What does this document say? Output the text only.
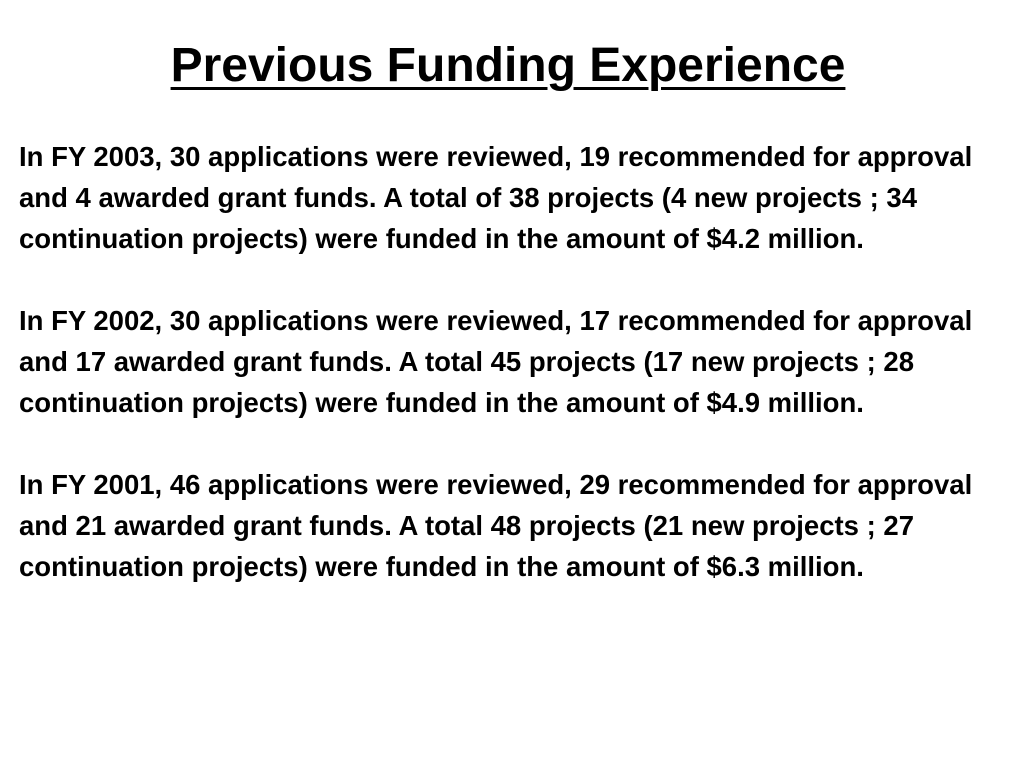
Previous Funding Experience

In FY 2003, 30 applications were reviewed, 19 recommended for approval and 4 awarded grant funds. A total of 38 projects (4 new projects ; 34 continuation projects) were funded in the amount of $4.2 million.

In FY 2002, 30 applications were reviewed, 17 recommended for approval and 17 awarded grant funds. A total 45 projects (17 new projects ; 28 continuation projects) were funded in the amount of $4.9 million.

In FY 2001, 46 applications were reviewed, 29 recommended for approval and 21 awarded grant funds. A total 48 projects (21 new projects ; 27 continuation projects) were funded in the amount of $6.3 million.
